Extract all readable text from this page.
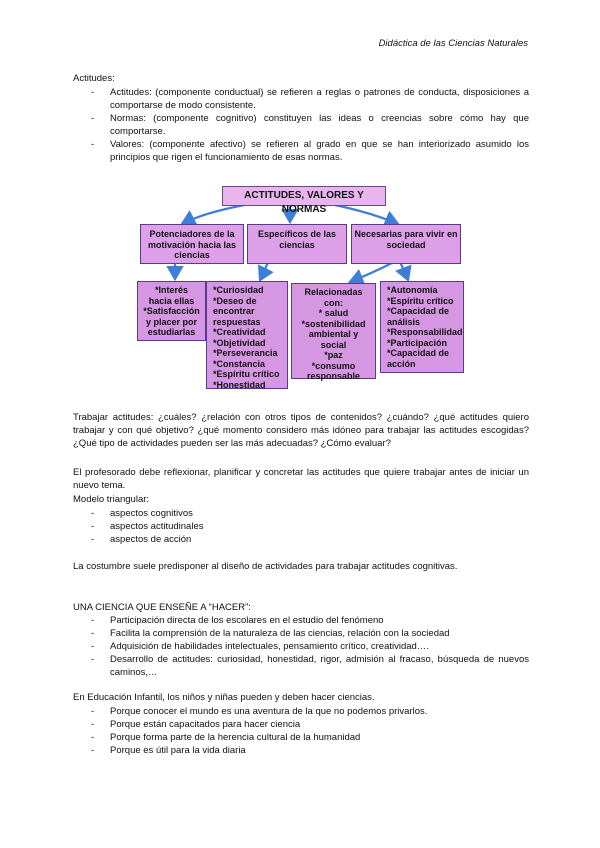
Didáctica de las Ciencias Naturales
Actitudes:
- Actitudes: (componente conductual) se refieren a reglas o patrones de conducta, disposiciones a comportarse de modo consistente.
- Normas: (componente cognitivo) constituyen las ideas o creencias sobre cómo hay que comportarse.
- Valores: (componente afectivo) se refieren al grado en que se han interiorizado asumido los principios que rigen el funcionamiento de esas normas.
ACTITUDES, VALORES Y NORMAS
Potenciadores de la motivación hacia las ciencias
Específicos de las ciencias
Necesarias para vivir en sociedad
*Interés
hacia ellas
*Satisfacción
y placer por
estudiarlas
*Curiosidad
*Deseo de
encontrar
respuestas
*Creatividad
*Objetividad
*Perseverancia
*Constancia
*Espíritu crítico
*Honestidad
Relacionadas
con:
* salud
*sostenibilidad
ambiental y
social
*paz
*consumo
responsable
*Autonomía
*Espíritu crítico
*Capacidad de
análisis
*Responsabilidad
*Participación
*Capacidad de
acción
Trabajar actitudes: ¿cuáles? ¿relación con otros tipos de contenidos? ¿cuándo? ¿qué actitudes quiero trabajar y con qué objetivo? ¿qué momento considero más idóneo para trabajar las actitudes escogidas? ¿Qué tipo de actividades pueden ser las más adecuadas? ¿Cómo evaluar?
El profesorado debe reflexionar, planificar y concretar las actitudes que quiere trabajar antes de iniciar un nuevo tema.
Modelo triangular:
- aspectos cognitivos
- aspectos actitudinales
- aspectos de acción
La costumbre suele predisponer al diseño de actividades para trabajar actitudes cognitivas.
UNA CIENCIA QUE ENSEÑE A “HACER”:
- Participación directa de los escolares en el estudio del fenómeno
- Facilita la comprensión de la naturaleza de las ciencias, relación con la sociedad
- Adquisición de habilidades intelectuales, pensamiento crítico, creatividad….
- Desarrollo de actitudes: curiosidad, honestidad, rigor, admisión al fracaso, búsqueda de nuevos caminos,…
En Educación Infantil, los niños y niñas pueden y deben hacer ciencias.
- Porque conocer el mundo es una aventura de la que no podemos privarlos.
- Porque están capacitados para hacer ciencia
- Porque forma parte de la herencia cultural de la humanidad
- Porque es útil para la vida diaria
